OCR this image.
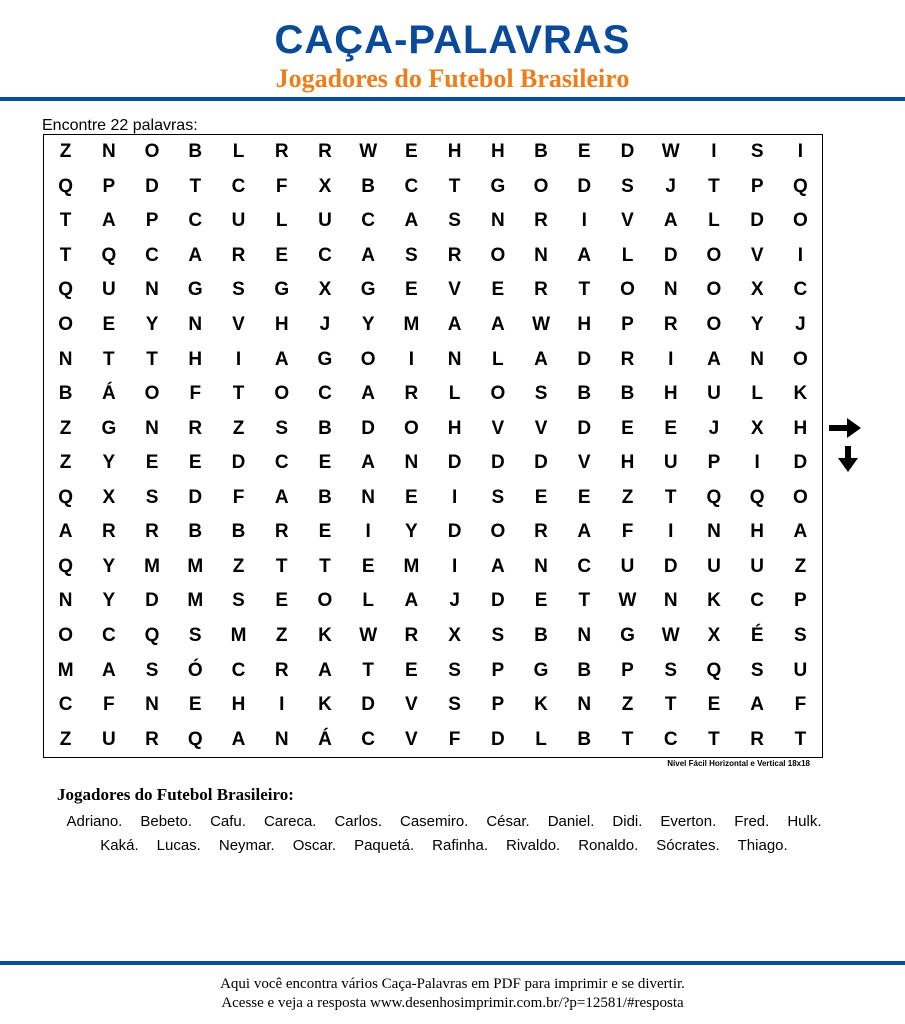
CAÇA-PALAVRAS
Jogadores do Futebol Brasileiro
Encontre 22 palavras:
Z	N	O	B	L	R	R	W	E	H	H	B	E	D	W	I	S	I
Q	P	D	T	C	F	X	B	C	T	G	O	D	S	J	T	P	Q
T	A	P	C	U	L	U	C	A	S	N	R	I	V	A	L	D	O
T	Q	C	A	R	E	C	A	S	R	O	N	A	L	D	O	V	I
Q	U	N	G	S	G	X	G	E	V	E	R	T	O	N	O	X	C
O	E	Y	N	V	H	J	Y	M	A	A	W	H	P	R	O	Y	J
N	T	T	H	I	A	G	O	I	N	L	A	D	R	I	A	N	O
B	Á	O	F	T	O	C	A	R	L	O	S	B	B	H	U	L	K
Z	G	N	R	Z	S	B	D	O	H	V	V	D	E	E	J	X	H
Z	Y	E	E	D	C	E	A	N	D	D	D	V	H	U	P	I	D
Q	X	S	D	F	A	B	N	E	I	S	E	E	Z	T	Q	Q	O
A	R	R	B	B	R	E	I	Y	D	O	R	A	F	I	N	H	A
Q	Y	M	M	Z	T	T	E	M	I	A	N	C	U	D	U	U	Z
N	Y	D	M	S	E	O	L	A	J	D	E	T	W	N	K	C	P
O	C	Q	S	M	Z	K	W	R	X	S	B	N	G	W	X	É	S
M	A	S	Ó	C	R	A	T	E	S	P	G	B	P	S	Q	S	U
C	F	N	E	H	I	K	D	V	S	P	K	N	Z	T	E	A	F
Z	U	R	Q	A	N	Á	C	V	F	D	L	B	T	C	T	R	T
Nível Fácil Horizontal e Vertical 18x18
Jogadores do Futebol Brasileiro:
Adriano. Bebeto. Cafu. Careca. Carlos. Casemiro. César. Daniel. Didi. Everton. Fred. Hulk.
Kaká. Lucas. Neymar. Oscar. Paquetá. Rafinha. Rivaldo. Ronaldo. Sócrates. Thiago.
Aqui você encontra vários Caça-Palavras em PDF para imprimir e se divertir.
Acesse e veja a resposta www.desenhosimprimir.com.br/?p=12581/#resposta
